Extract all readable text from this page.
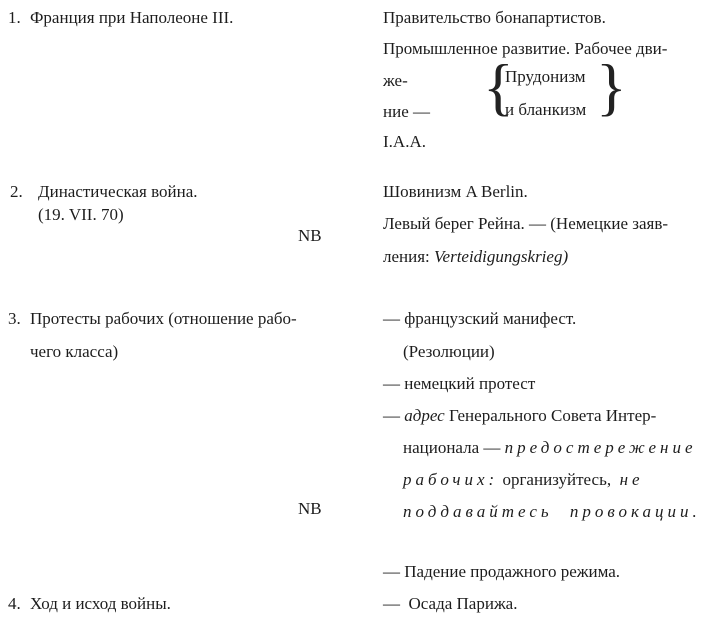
1. Франция при Наполеоне III.	Правительство бонапартистов.
Промышленное развитие. Рабочее дви-
же-
ние —
I.A.A.
{
Прудонизм
и бланкизм }
2. Династическая война.
(19. VII. 70)
NB
Шовинизм A Berlin.
Левый берег Рейна. — (Немецкие заяв-
ления: Verteidigungskrieg)
3. Протесты рабочих (отношение рабо-
чего класса)
NB
— французский манифест.
(Резолюции)
— немецкий протест
— адрес Генерального Совета Интер-
национала — предостережение
рабочих: организуйтесь,  не
поддавайтесь провокации.
— Падение продажного режима.
4. Ход и исход войны.	—  Осада Парижа.
